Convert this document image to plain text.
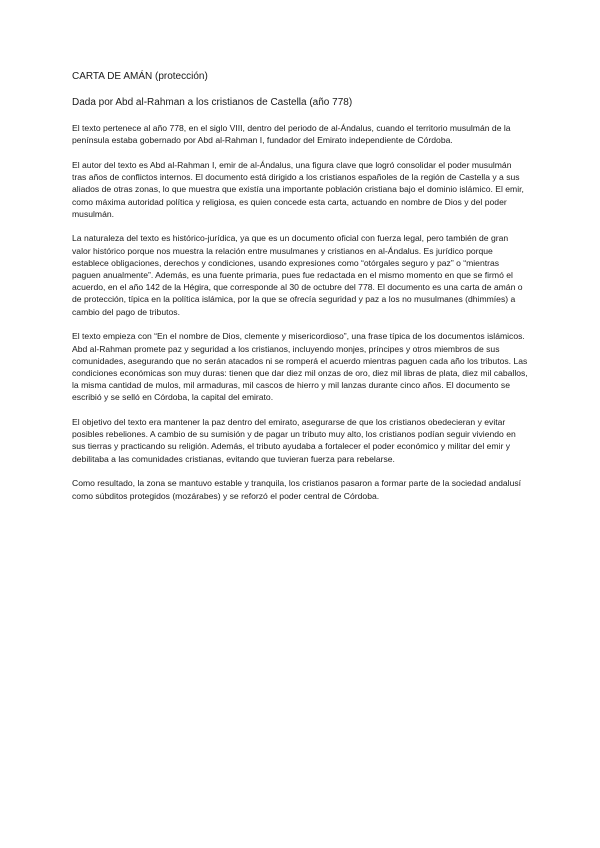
CARTA DE AMÁN (protección)
Dada por Abd al-Rahman a los cristianos de Castella (año 778)

El texto pertenece al año 778, en el siglo VIII, dentro del periodo de al-Ándalus, cuando el territorio musulmán de la península estaba gobernado por Abd al-Rahman I, fundador del Emirato independiente de Córdoba.

El autor del texto es Abd al-Rahman I, emir de al-Ándalus, una figura clave que logró consolidar el poder musulmán tras años de conflictos internos. El documento está dirigido a los cristianos españoles de la región de Castella y a sus aliados de otras zonas, lo que muestra que existía una importante población cristiana bajo el dominio islámico. El emir, como máxima autoridad política y religiosa, es quien concede esta carta, actuando en nombre de Dios y del poder musulmán.

La naturaleza del texto es histórico-jurídica, ya que es un documento oficial con fuerza legal, pero también de gran valor histórico porque nos muestra la relación entre musulmanes y cristianos en al-Ándalus. Es jurídico porque establece obligaciones, derechos y condiciones, usando expresiones como “otórgales seguro y paz” o “mientras paguen anualmente”. Además, es una fuente primaria, pues fue redactada en el mismo momento en que se firmó el acuerdo, en el año 142 de la Hégira, que corresponde al 30 de octubre del 778. El documento es una carta de amán o de protección, típica en la política islámica, por la que se ofrecía seguridad y paz a los no musulmanes (dhimmíes) a cambio del pago de tributos.

El texto empieza con “En el nombre de Dios, clemente y misericordioso”, una frase típica de los documentos islámicos. Abd al-Rahman promete paz y seguridad a los cristianos, incluyendo monjes, príncipes y otros miembros de sus comunidades, asegurando que no serán atacados ni se romperá el acuerdo mientras paguen cada año los tributos. Las condiciones económicas son muy duras: tienen que dar diez mil onzas de oro, diez mil libras de plata, diez mil caballos, la misma cantidad de mulos, mil armaduras, mil cascos de hierro y mil lanzas durante cinco años. El documento se escribió y se selló en Córdoba, la capital del emirato.

El objetivo del texto era mantener la paz dentro del emirato, asegurarse de que los cristianos obedecieran y evitar posibles rebeliones. A cambio de su sumisión y de pagar un tributo muy alto, los cristianos podían seguir viviendo en sus tierras y practicando su religión. Además, el tributo ayudaba a fortalecer el poder económico y militar del emir y debilitaba a las comunidades cristianas, evitando que tuvieran fuerza para rebelarse.

Como resultado, la zona se mantuvo estable y tranquila, los cristianos pasaron a formar parte de la sociedad andalusí como súbditos protegidos (mozárabes) y se reforzó el poder central de Córdoba.
